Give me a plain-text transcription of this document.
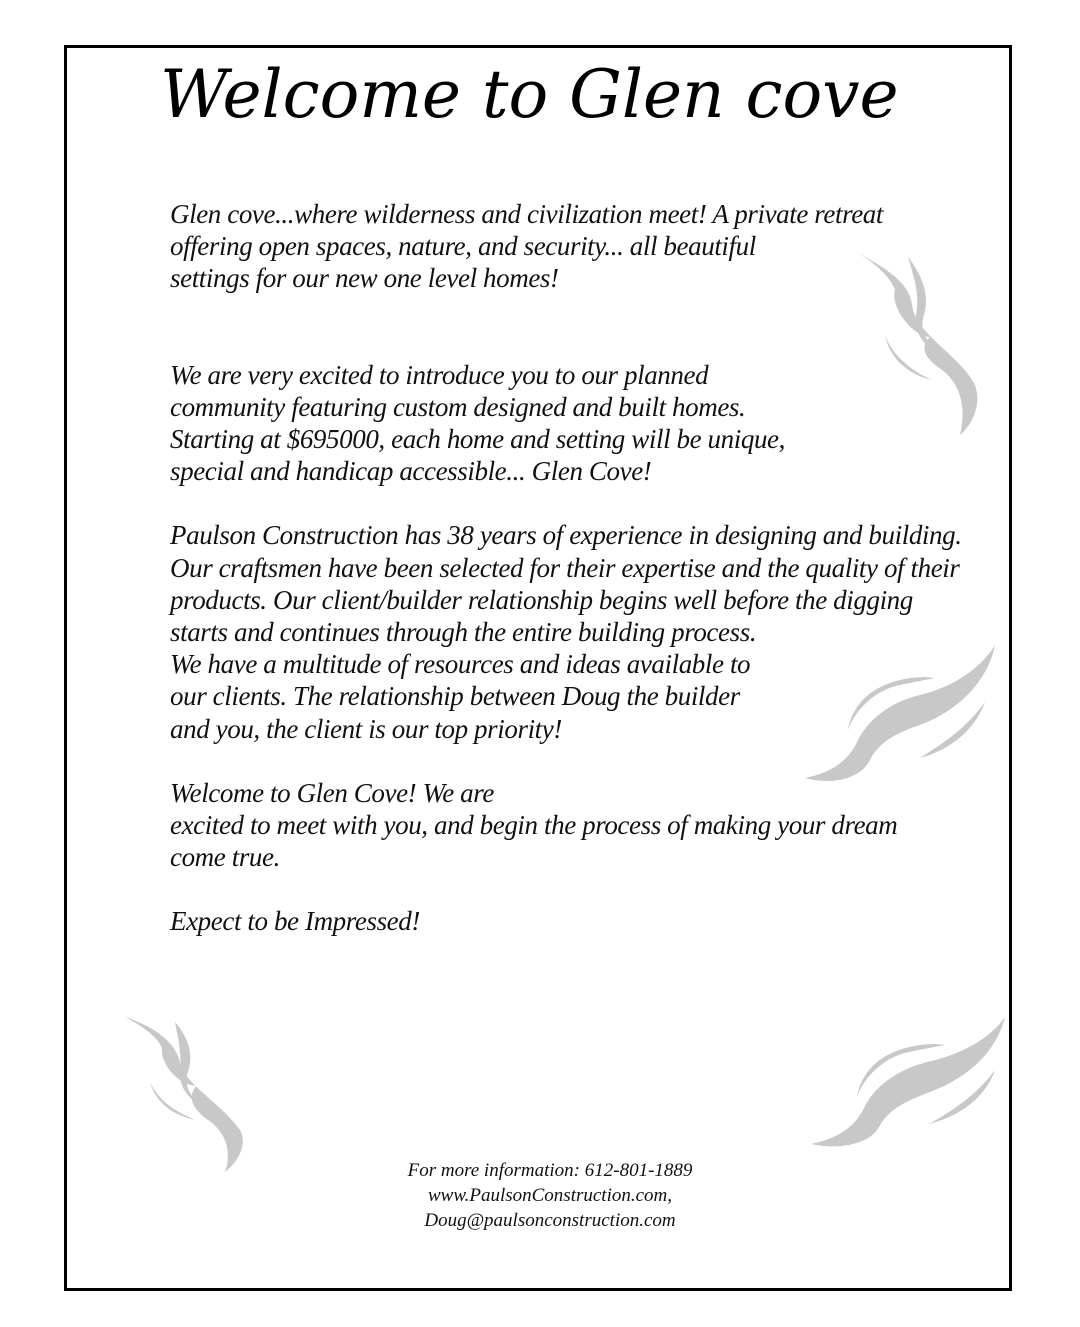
Welcome to Glen cove

Glen cove...where wilderness and civilization meet! A private retreat
offering open spaces, nature, and security... all beautiful
settings for our new one level homes!

We are very excited to introduce you to our planned
community featuring custom designed and built homes.
Starting at $695000, each home and setting will be unique,
special and handicap accessible... Glen Cove!

Paulson Construction has 38 years of experience in designing and building.
Our craftsmen have been selected for their expertise and the quality of their
products. Our client/builder relationship begins well before the digging
starts and continues through the entire building process.
We have a multitude of resources and ideas available to
our clients. The relationship between Doug the builder
and you, the client is our top priority!

Welcome to Glen Cove! We are
excited to meet with you, and begin the process of making your dream
come true.

Expect to be Impressed!

For more information: 612-801-1889
www.PaulsonConstruction.com,
Doug@paulsonconstruction.com
